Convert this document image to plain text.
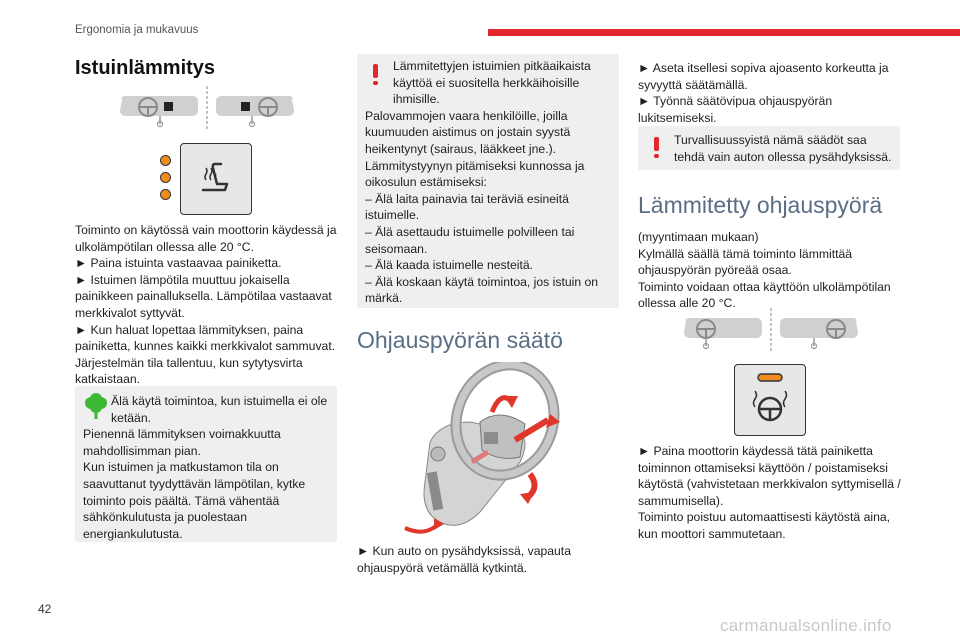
Ergonomia ja mukavuus
Istuinlämmitys

Toiminto on käytössä vain moottorin käydessä ja ulkolämpötilan ollessa alle 20 °C.

► Paina istuinta vastaavaa painiketta.

► Istuimen lämpötila muuttuu jokaisella painikkeen painalluksella. Lämpötilaa vastaavat merkkivalot syttyvät.

► Kun haluat lopettaa lämmityksen, paina painiketta, kunnes kaikki merkkivalot sammuvat.

Järjestelmän tila tallentuu, kun sytytysvirta katkaistaan.

Älä käytä toimintoa, kun istuimella ei ole ketään.

Pienennä lämmityksen voimakkuutta mahdollisimman pian.

Kun istuimen ja matkustamon tila on saavuttanut tyydyttävän lämpötilan, kytke toiminto pois päältä. Tämä vähentää sähkönkulutusta ja puolestaan energiankulutusta.

Lämmitettyjen istuimien pitkäaikaista käyttöä ei suositella herkkäihoisille ihmisille.

Palovammojen vaara henkilöille, joilla kuumuuden aistimus on jostain syystä heikentynyt (sairaus, lääkkeet jne.).

Lämmitystyynyn pitämiseksi kunnossa ja oikosulun estämiseksi:

– Älä laita painavia tai teräviä esineitä istuimelle.

– Älä asettaudu istuimelle polvilleen tai seisomaan.

– Älä kaada istuimelle nesteitä.

– Älä koskaan käytä toimintoa, jos istuin on märkä.

Ohjauspyörän säätö

► Kun auto on pysähdyksissä, vapauta ohjauspyörä vetämällä kytkintä.

► Aseta itsellesi sopiva ajoasento korkeutta ja syvyyttä säätämällä.

► Työnnä säätövipua ohjauspyörän lukitsemiseksi.

Turvallisuussyistä nämä säädöt saa tehdä vain auton ollessa pysähdyksissä.

Lämmitetty ohjauspyörä

(myyntimaan mukaan)

Kylmällä säällä tämä toiminto lämmittää ohjauspyörän pyöreää osaa.

Toiminto voidaan ottaa käyttöön ulkolämpötilan ollessa alle 20 °C.

► Paina moottorin käydessä tätä painiketta toiminnon ottamiseksi käyttöön / poistamiseksi käytöstä (vahvistetaan merkkivalon syttymisellä / sammumisella).

Toiminto poistuu automaattisesti käytöstä aina, kun moottori sammutetaan.

42
carmanualsonline.info
